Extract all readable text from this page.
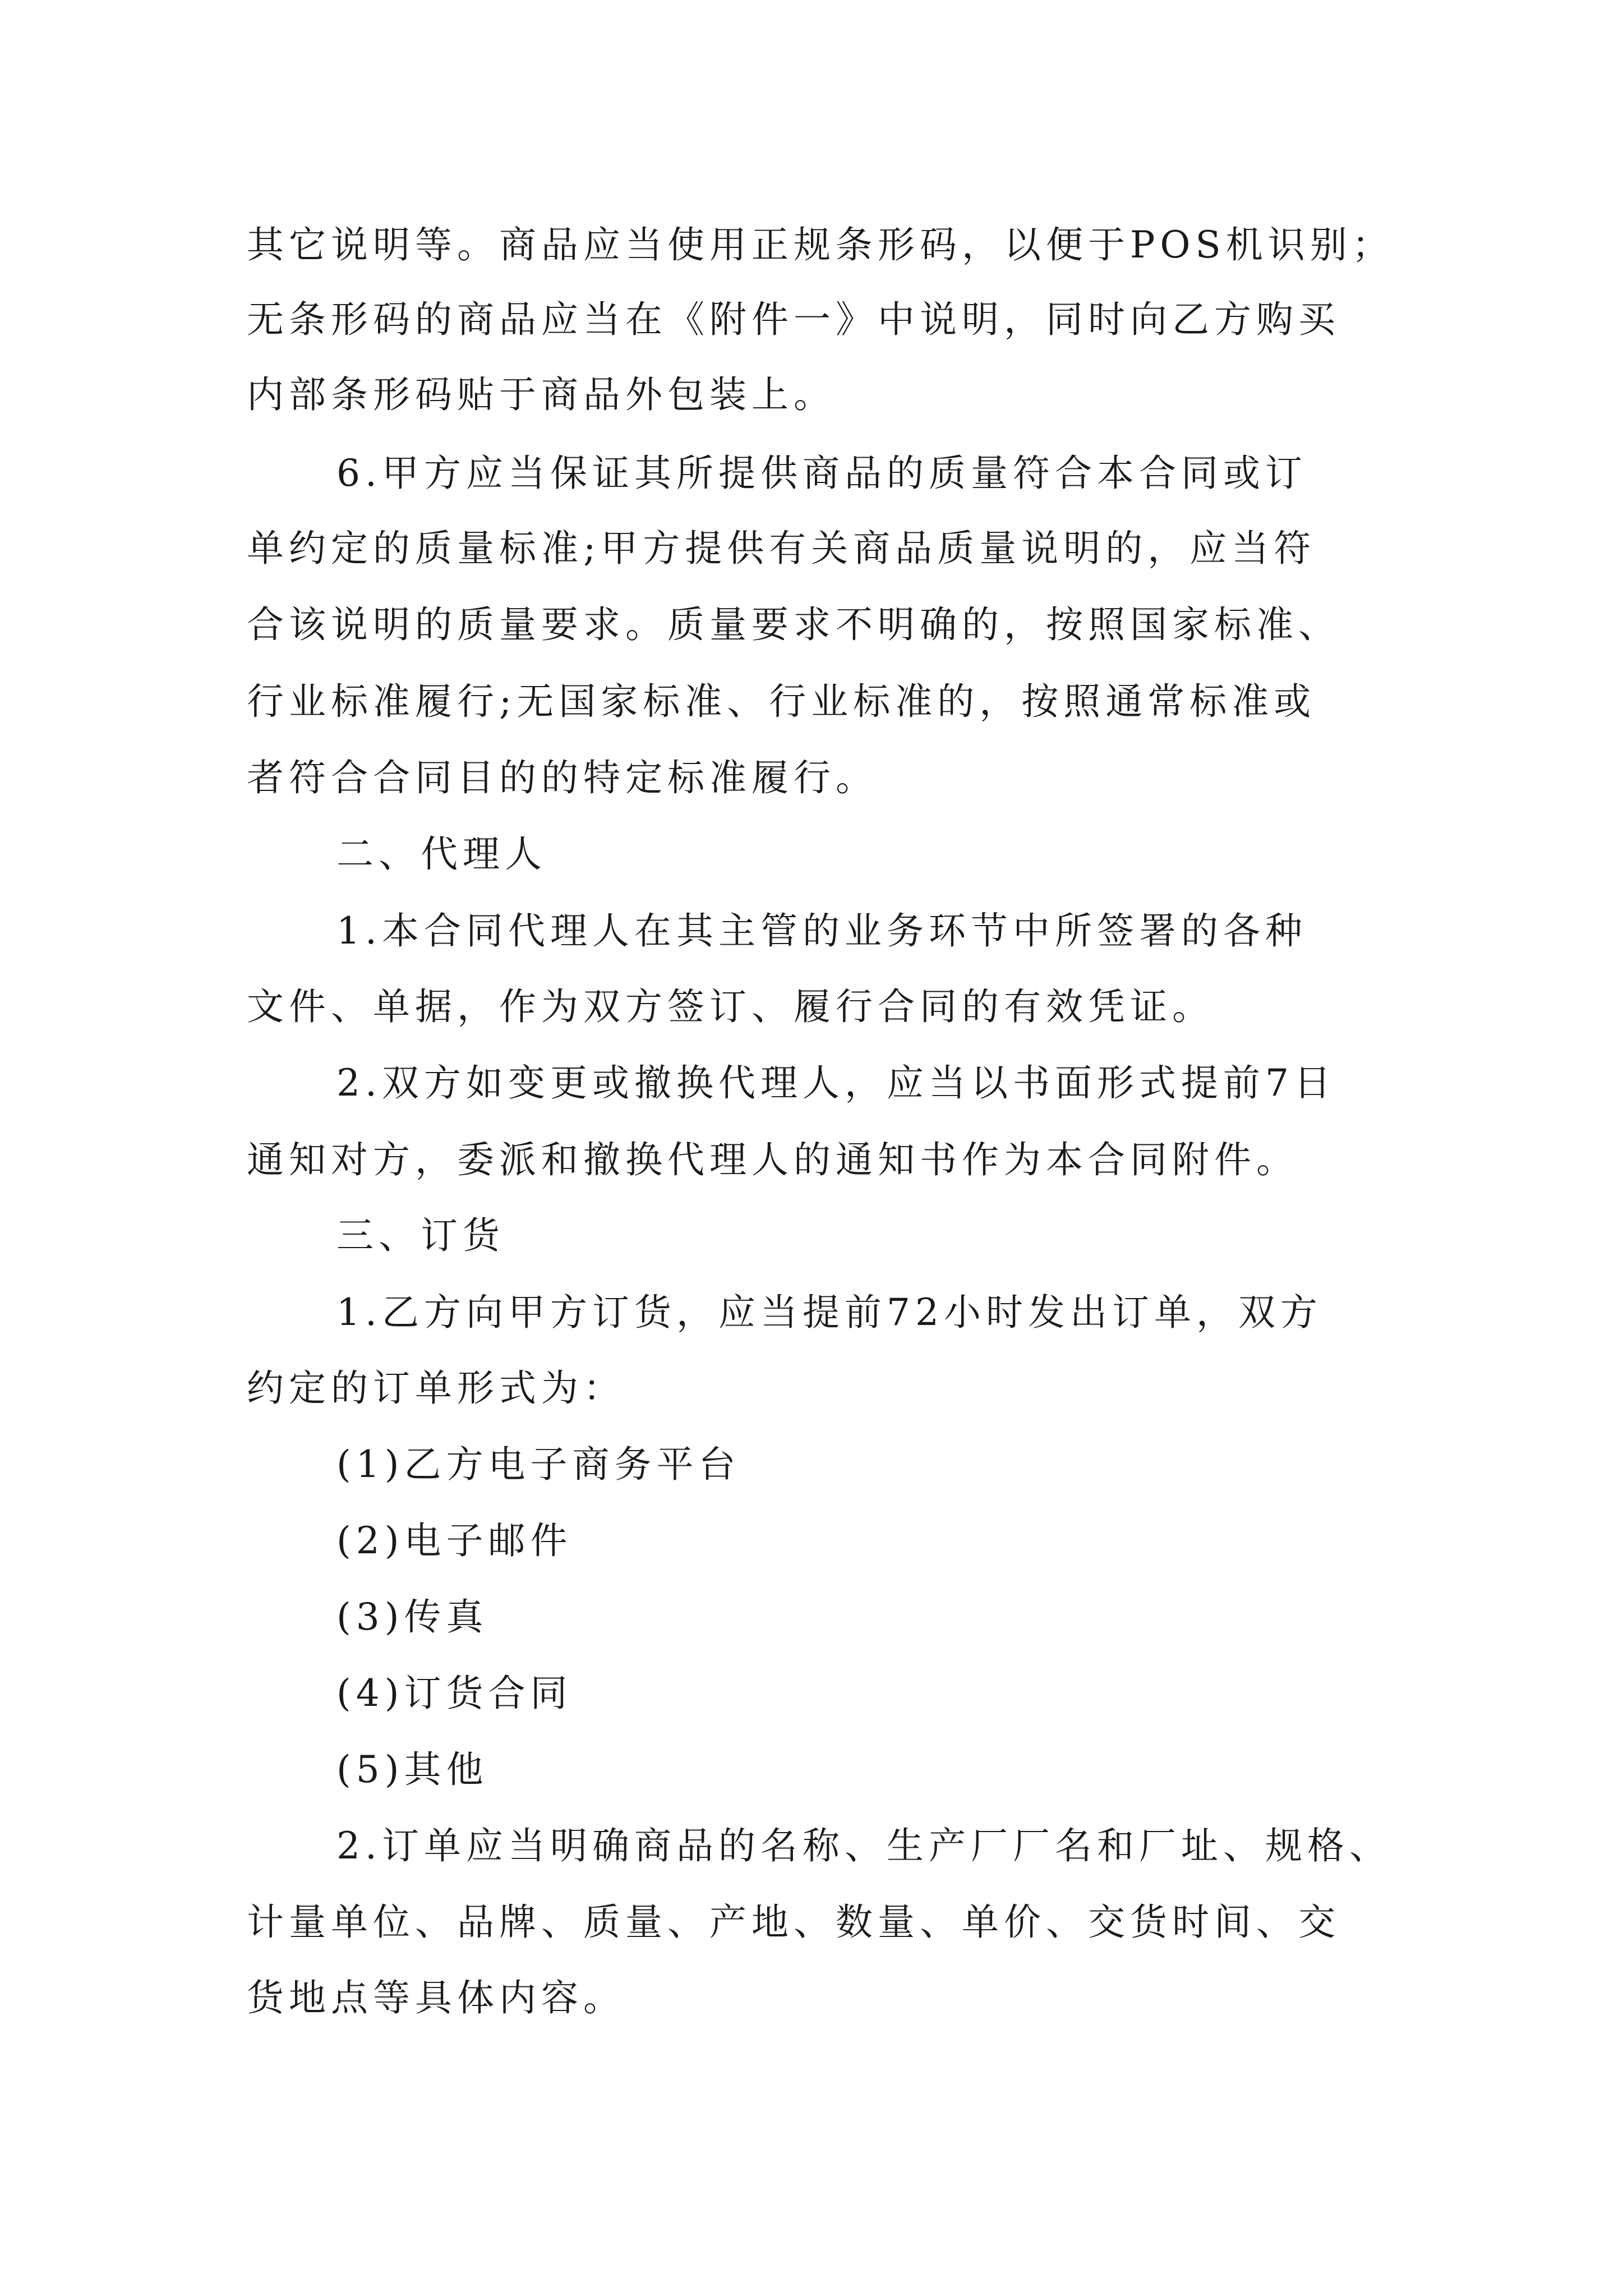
其它说明等。商品应当使用正规条形码，以便于POS机识别；
无条形码的商品应当在《附件一》中说明，同时向乙方购买
内部条形码贴于商品外包装上。
6.甲方应当保证其所提供商品的质量符合本合同或订
单约定的质量标准;甲方提供有关商品质量说明的，应当符
合该说明的质量要求。质量要求不明确的，按照国家标准、
行业标准履行;无国家标准、行业标准的，按照通常标准或
者符合合同目的的特定标准履行。
二、代理人
1.本合同代理人在其主管的业务环节中所签署的各种
文件、单据，作为双方签订、履行合同的有效凭证。
2.双方如变更或撤换代理人，应当以书面形式提前7日
通知对方，委派和撤换代理人的通知书作为本合同附件。
三、订货
1.乙方向甲方订货，应当提前72小时发出订单，双方
约定的订单形式为：
(1)乙方电子商务平台
(2)电子邮件
(3)传真
(4)订货合同
(5)其他
2.订单应当明确商品的名称、生产厂厂名和厂址、规格、
计量单位、品牌、质量、产地、数量、单价、交货时间、交
货地点等具体内容。
